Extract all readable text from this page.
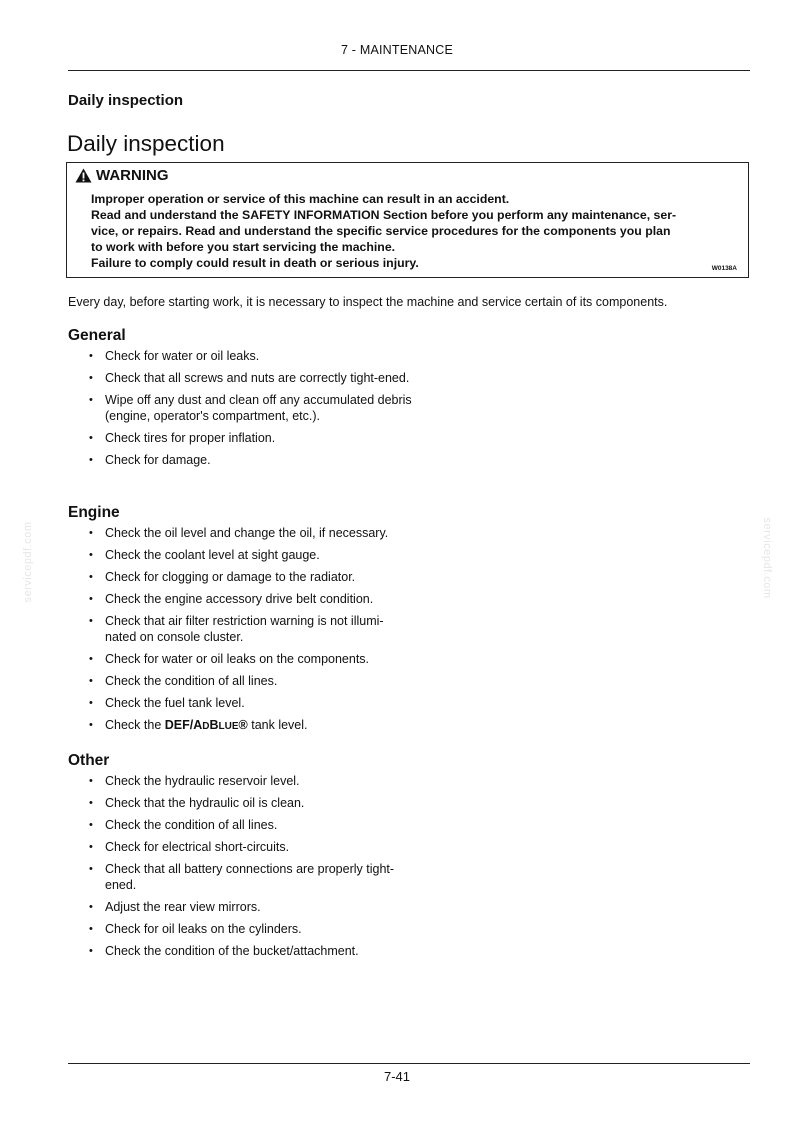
7 - MAINTENANCE
Daily inspection
Daily inspection
WARNING
Improper operation or service of this machine can result in an accident.
Read and understand the SAFETY INFORMATION Section before you perform any maintenance, ser-
vice, or repairs. Read and understand the specific service procedures for the components you plan
to work with before you start servicing the machine.
Failure to comply could result in death or serious injury.	W0138A
Every day, before starting work, it is necessary to inspect the machine and service certain of its components.
General
• Check for water or oil leaks.
• Check that all screws and nuts are correctly tight-ened.
• Wipe off any dust and clean off any accumulated debris (engine, operator's compartment, etc.).
• Check tires for proper inflation.
• Check for damage.
Engine
• Check the oil level and change the oil, if necessary.
• Check the coolant level at sight gauge.
• Check for clogging or damage to the radiator.
• Check the engine accessory drive belt condition.
• Check that air filter restriction warning is not illumi-nated on console cluster.
• Check for water or oil leaks on the components.
• Check the condition of all lines.
• Check the fuel tank level.
• Check the DEF/ADBLUE® tank level.
Other
• Check the hydraulic reservoir level.
• Check that the hydraulic oil is clean.
• Check the condition of all lines.
• Check for electrical short-circuits.
• Check that all battery connections are properly tight-ened.
• Adjust the rear view mirrors.
• Check for oil leaks on the cylinders.
• Check the condition of the bucket/attachment.
servicepdf.com	servicepdf.com
7-41
